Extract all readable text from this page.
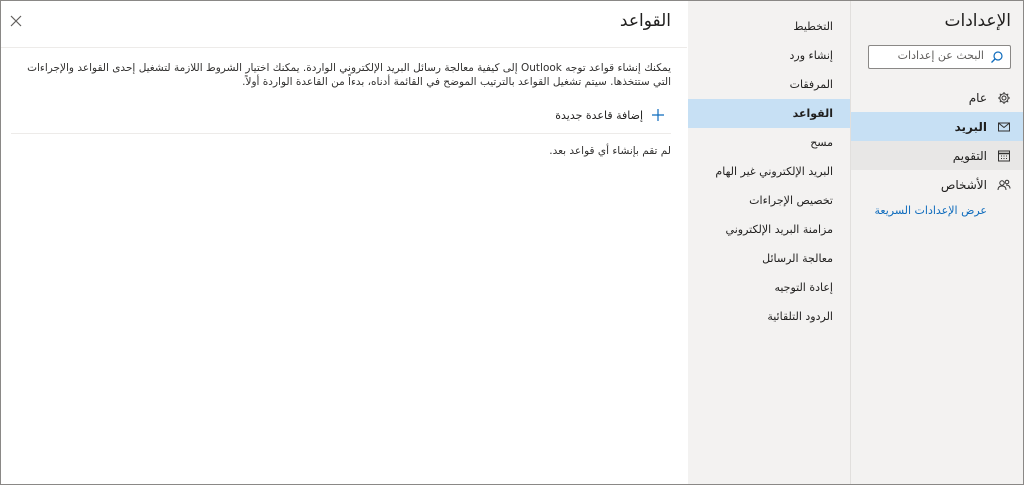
القواعد
يمكنك إنشاء قواعد توجه Outlook إلى كيفية معالجة رسائل البريد الإلكتروني الواردة. يمكنك اختيار الشروط اللازمة لتشغيل إحدى القواعد والإجراءات التي ستتخذها. سيتم تشغيل القواعد بالترتيب الموضح في القائمة أدناه، بدءاً من القاعدة الواردة أولاً.
إضافة قاعدة جديدة
لم تقم بإنشاء أي قواعد بعد.
التخطيط
إنشاء ورد
المرفقات
القواعد
مسح
البريد الإلكتروني غير الهام
تخصيص الإجراءات
مزامنة البريد الإلكتروني
معالجة الرسائل
إعادة التوجيه
الردود التلقائية
الإعدادات
البحث عن إعدادات
عام
البريد
التقويم
الأشخاص
عرض الإعدادات السريعة
